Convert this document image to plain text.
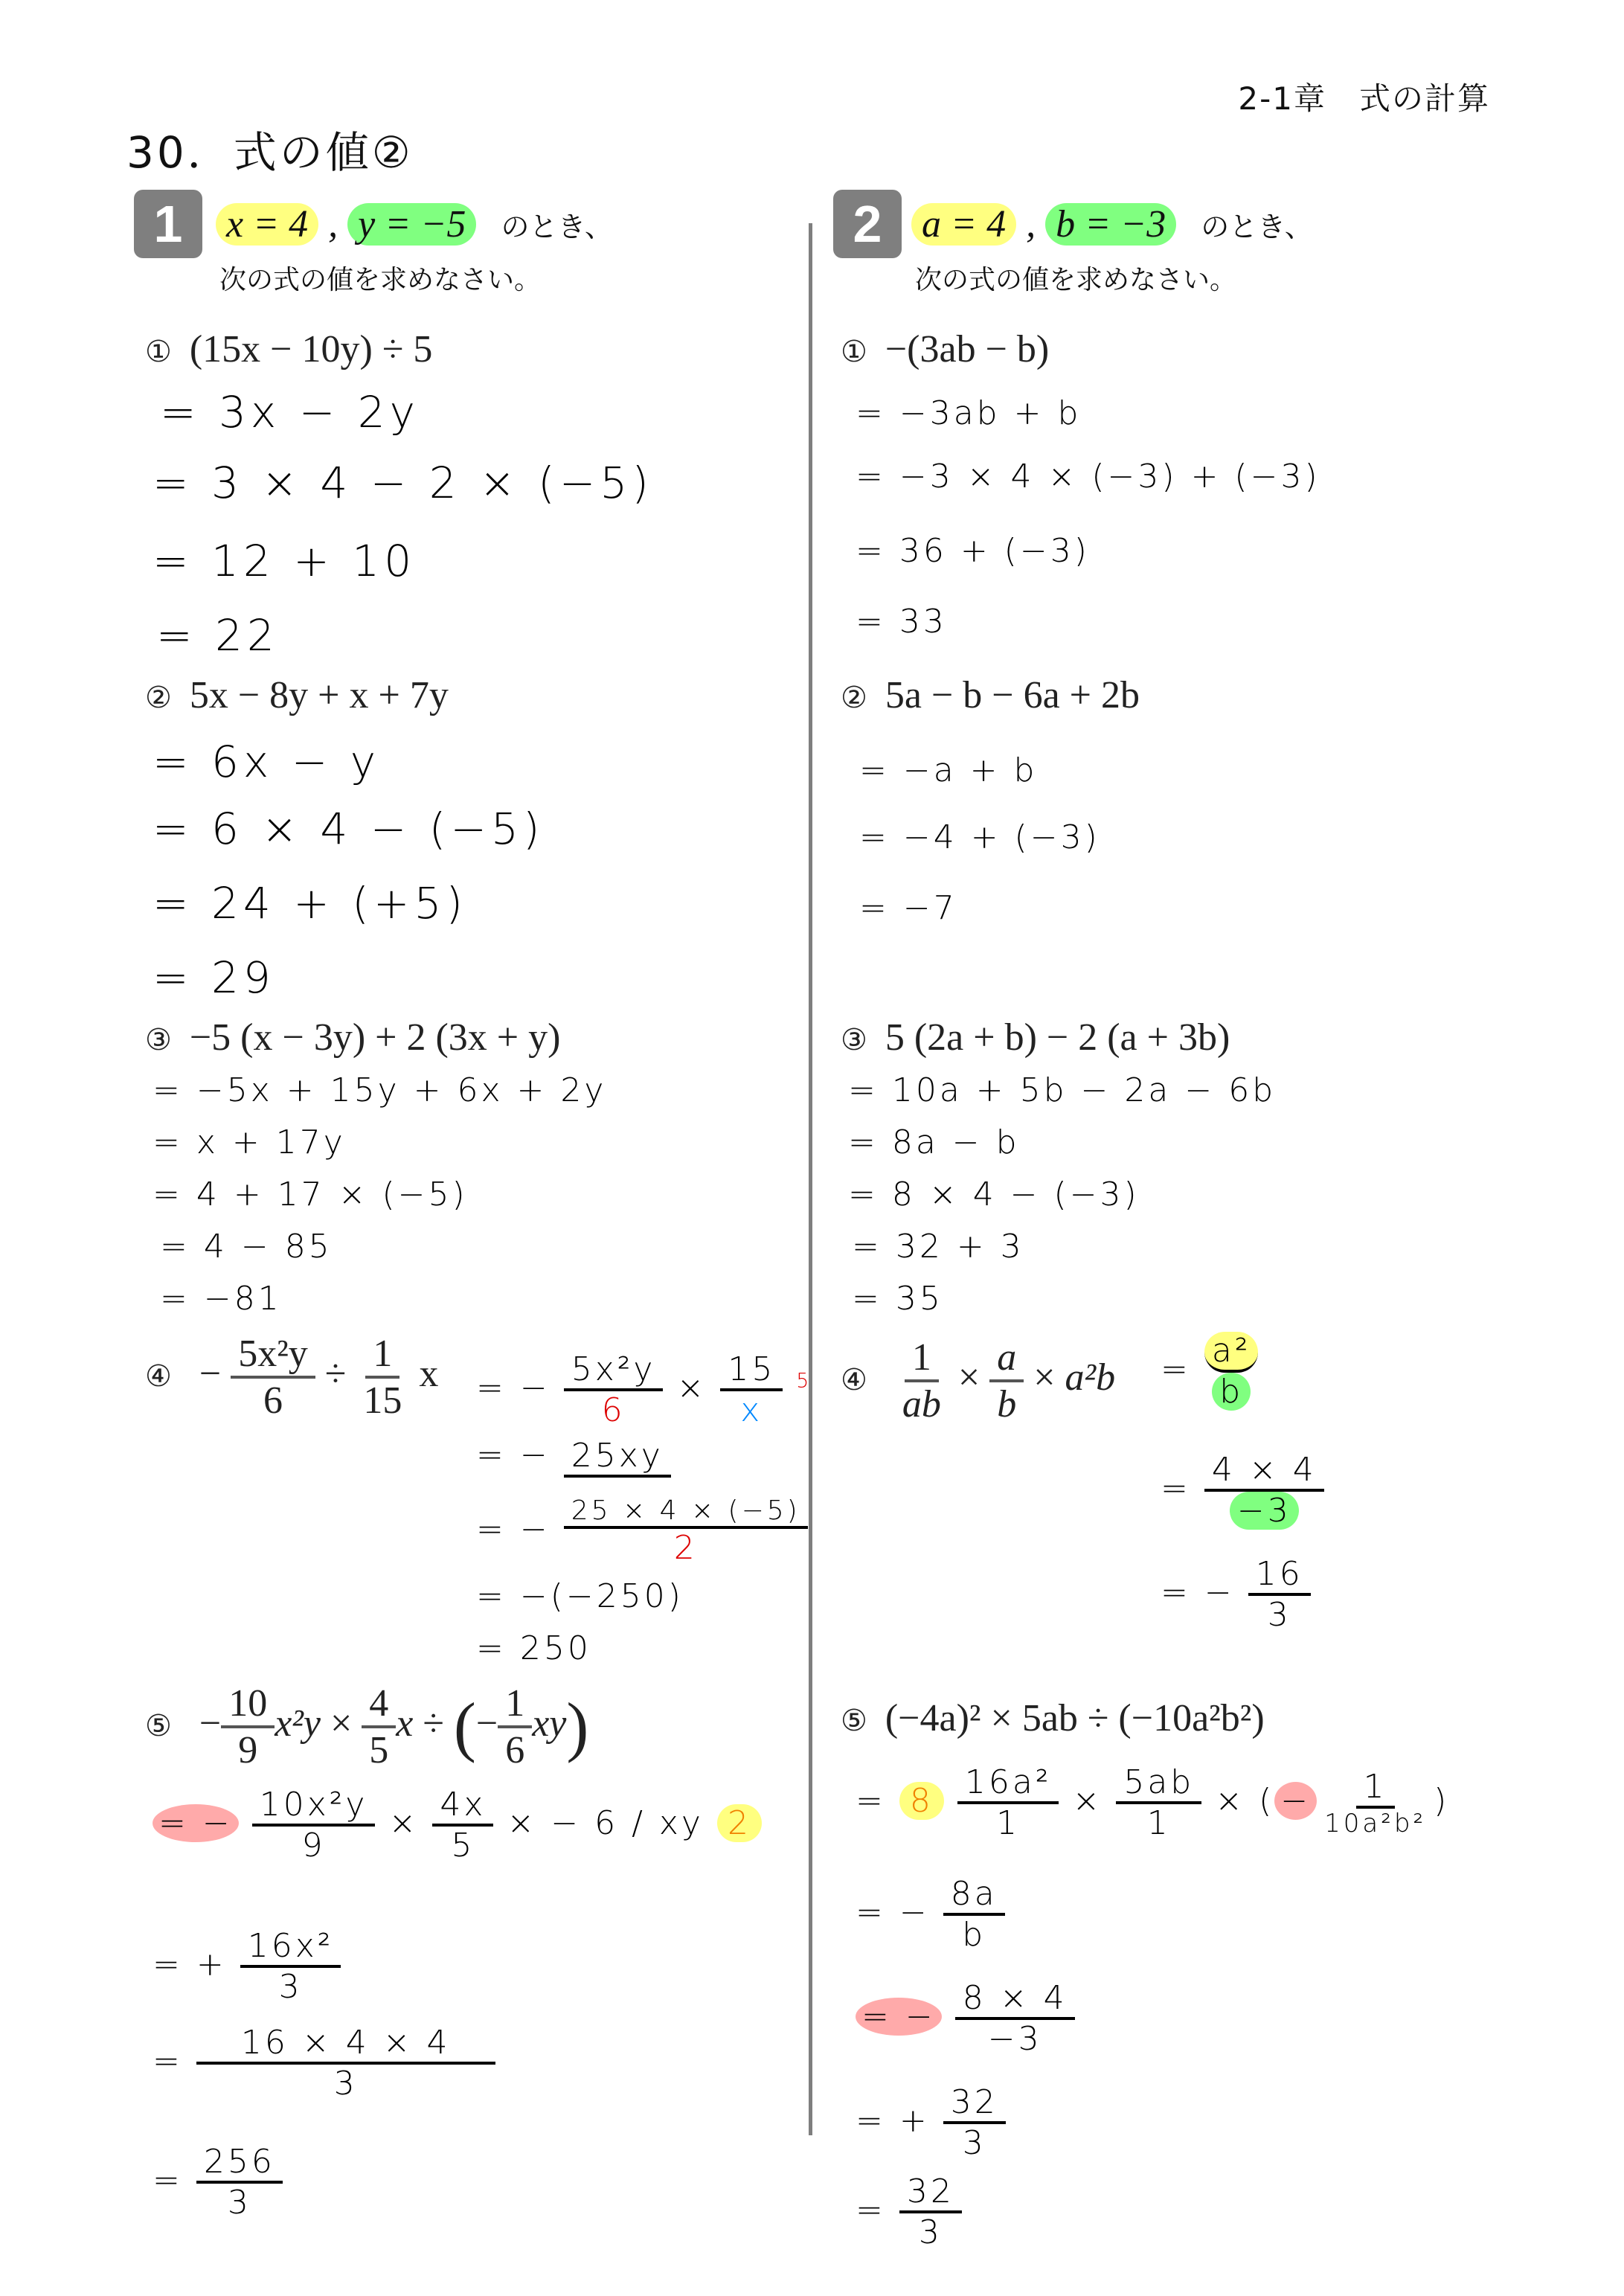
2-1章　式の計算
30．式の値②
1	x = 4 , y = −5 のとき、
次の式の値を求めなさい。
2	a = 4 , b = −3 のとき、
次の式の値を求めなさい。
① (15x − 10y) ÷ 5
= 3x − 2y
= 3 × 4 − 2 × (−5)
= 12 + 10
= 22
② 5x − 8y + x + 7y
= 6x − y
= 6 × 4 − (−5)
= 24 + (+5)
= 29
③ −5 (x − 3y) + 2 (3x + y)
= −5x + 15y + 6x + 2y
= x + 17y
= 4 + 17 × (−5)
= 4 − 85
= −81
④ − $\frac{\text{5x²y}}{6} \div \frac{1}{15}$ x = − $\frac{\text{5x²y}}{6} \times \frac{15}{x} ^5$
= − 25xy
= − $\frac{25 \times 4 \times (-5)}{2}$
= −(−250)
= 250
⑤ − $\frac{10}{9} x^2y \times \frac{4}{5}$ x ÷ (− $\frac{1}{6} xy$)
= − $\frac{\text{10x²y}}{9} \times \frac{4x}{5}$ × − 6 / xy 2
= + $\frac{\text{16x²}}{3}$
= $\frac{16 \times 4 \times 4}{3}$
= $\frac{256}{3}$
① −(3ab − b)
= −3ab + b
= −3 × 4 × (−3) + (−3)
= 36 + (−3)
= 33
② 5a − b − 6a + 2b
= −a + b
= −4 + (−3)
= −7
③ 5 (2a + b) − 2 (a + 3b)
= 10a + 5b − 2a − 6b
= 8a − b
= 8 × 4 − (−3)
= 32 + 3
= 35
④ $\frac{1}{ab} \times \frac{a}{b} \times a^2b = \frac{\text{a²}}{b}$
= $\frac{4 \times 4}{-3}$
= − $\frac{16}{3}$
⑤ (−4a)² × 5ab ÷ (−10a²b²)
= $8 \frac{\text{16a²}}{1} \times \frac{5ab}{1}$ × ( − $\frac{1}{\text{10a²b²}}$ )
= − $\frac{8a}{b}$
= − $\frac{8 \times 4}{-3}$
= + $\frac{32}{3}$
= $\frac{32}{3}$
